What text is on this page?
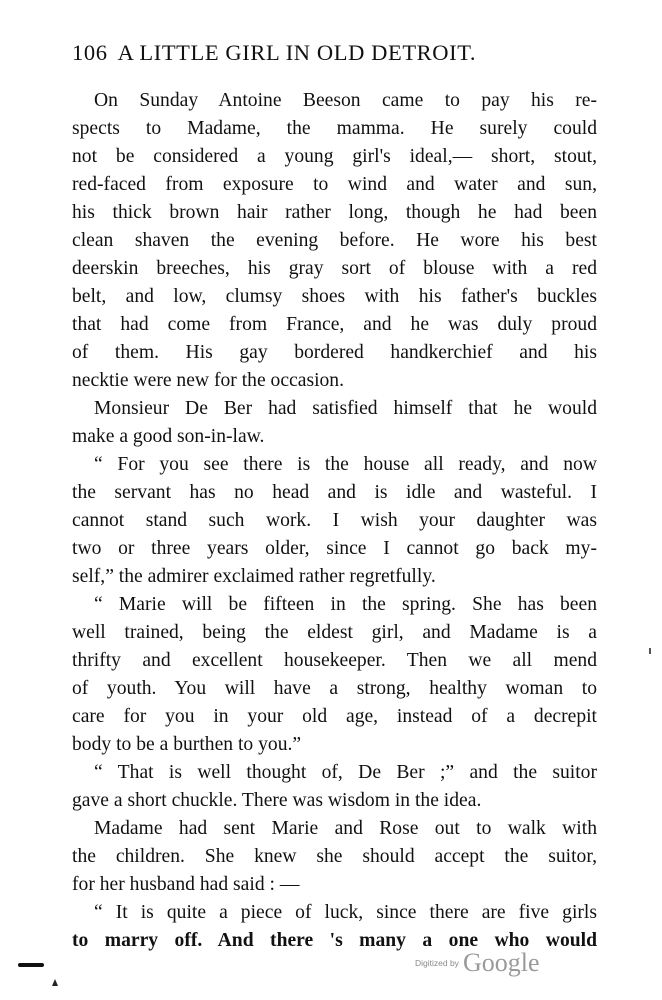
106 A LITTLE GIRL IN OLD DETROIT.
On Sunday Antoine Beeson came to pay his re-
spects to Madame, the mamma. He surely could
not be considered a young girl's ideal,— short, stout,
red-faced from exposure to wind and water and sun,
his thick brown hair rather long, though he had been
clean shaven the evening before. He wore his best
deerskin breeches, his gray sort of blouse with a red
belt, and low, clumsy shoes with his father's buckles
that had come from France, and he was duly proud
of them. His gay bordered handkerchief and his
necktie were new for the occasion.
Monsieur De Ber had satisfied himself that he would
make a good son-in-law.
“ For you see there is the house all ready, and now
the servant has no head and is idle and wasteful. I
cannot stand such work. I wish your daughter was
two or three years older, since I cannot go back my-
self,” the admirer exclaimed rather regretfully.
“ Marie will be fifteen in the spring. She has been
well trained, being the eldest girl, and Madame is a
thrifty and excellent housekeeper. Then we all mend
of youth. You will have a strong, healthy woman to
care for you in your old age, instead of a decrepit
body to be a burthen to you.”
“ That is well thought of, De Ber ;” and the suitor
gave a short chuckle. There was wisdom in the idea.
Madame had sent Marie and Rose out to walk with
the children. She knew she should accept the suitor,
for her husband had said : —
“ It is quite a piece of luck, since there are five girls
to marry off. And there 's many a one who would
Digitized by Google
